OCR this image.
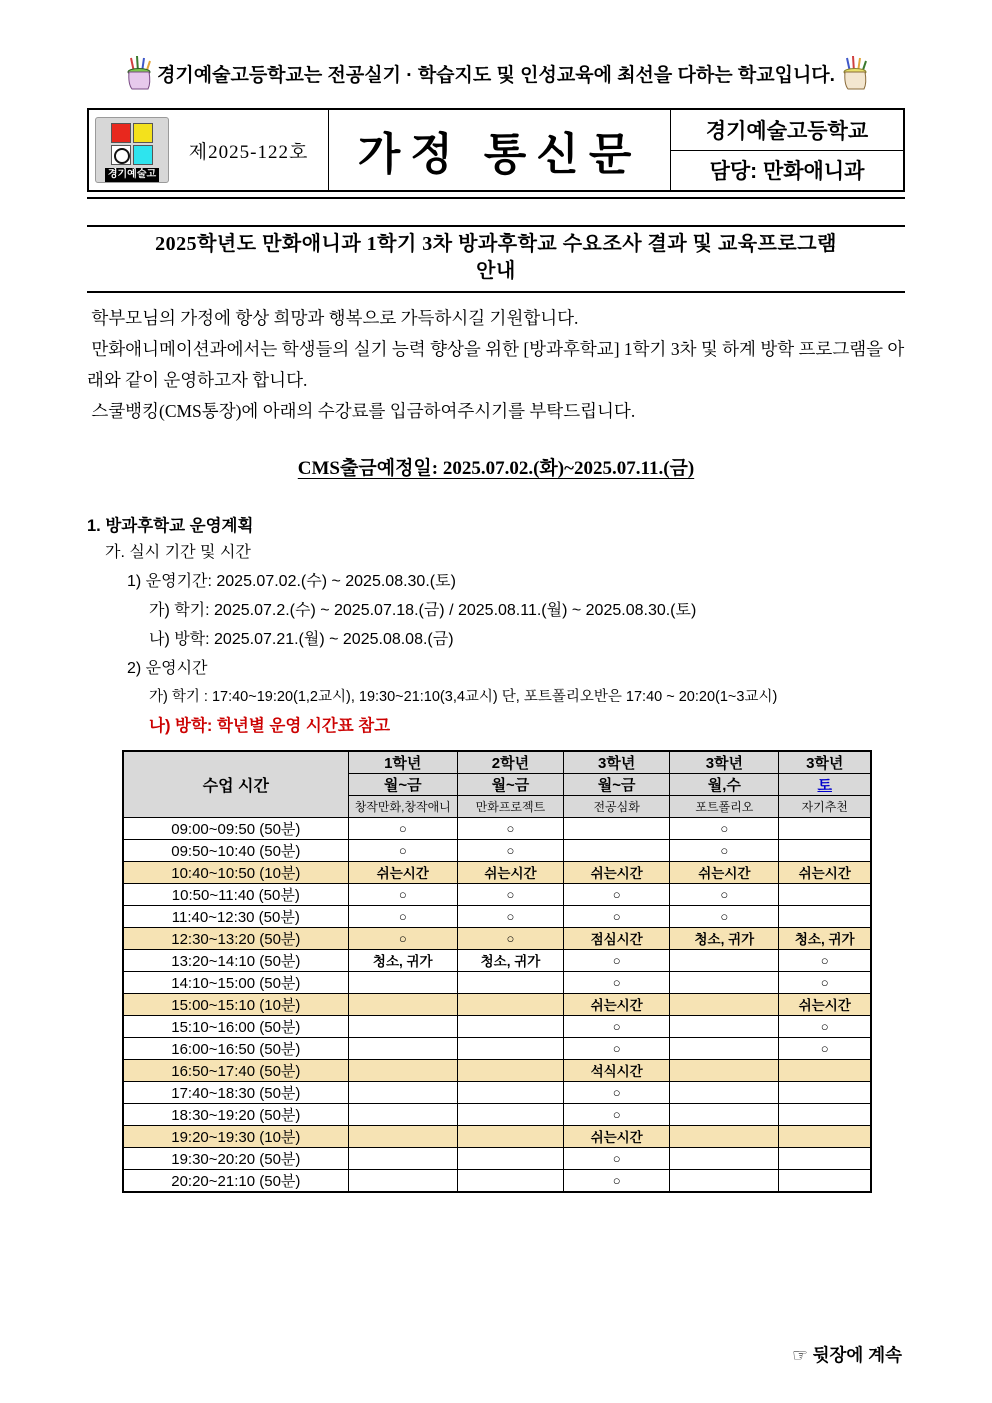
경기예술고등학교는 전공실기 · 학습지도 및 인성교육에 최선을 다하는 학교입니다.
경기예술고
제2025-122호	가정 통신문	경기예술고등학교
담당: 만화애니과
2025학년도 만화애니과 1학기 3차 방과후학교 수요조사 결과 및 교육프로그램
안내

학부모님의 가정에 항상 희망과 행복으로 가득하시길 기원합니다.

만화애니메이션과에서는 학생들의 실기 능력 향상을 위한 [방과후학교] 1학기 3차 및 하계 방학 프로그램을 아래와 같이 운영하고자 합니다.

스쿨뱅킹(CMS통장)에 아래의 수강료를 입금하여주시기를 부탁드립니다.

CMS출금예정일: 2025.07.02.(화)~2025.07.11.(금)
1. 방과후학교 운영계획
가. 실시 기간 및 시간
1) 운영기간: 2025.07.02.(수) ~ 2025.08.30.(토)
가) 학기: 2025.07.2.(수) ~ 2025.07.18.(금) / 2025.08.11.(월) ~ 2025.08.30.(토)
나) 방학: 2025.07.21.(월) ~ 2025.08.08.(금)
2) 운영시간
가) 학기 : 17:40~19:20(1,2교시), 19:30~21:10(3,4교시) 단, 포트폴리오반은 17:40 ~ 20:20(1~3교시)
나) 방학: 학년별 운영 시간표 참고
수업 시간	1학년	2학년	3학년	3학년	3학년
	월~금	월~금	월~금	월,수	토
	창작만화,창작애니	만화프로젝트	전공심화	포트폴리오	자기추천
09:00~09:50 (50분)	○	○		○	
09:50~10:40 (50분)	○	○		○	
10:40~10:50 (10분)	쉬는시간	쉬는시간	쉬는시간	쉬는시간	쉬는시간
10:50~11:40 (50분)	○	○	○	○	
11:40~12:30 (50분)	○	○	○	○	
12:30~13:20 (50분)	○	○	점심시간	청소, 귀가	청소, 귀가
13:20~14:10 (50분)	청소, 귀가	청소, 귀가	○		○
14:10~15:00 (50분)			○		○
15:00~15:10 (10분)			쉬는시간		쉬는시간
15:10~16:00 (50분)			○		○
16:00~16:50 (50분)			○		○
16:50~17:40 (50분)			석식시간		
17:40~18:30 (50분)			○		
18:30~19:20 (50분)			○		
19:20~19:30 (10분)			쉬는시간		
19:30~20:20 (50분)			○		
20:20~21:10 (50분)			○		
☞ 뒷장에 계속
